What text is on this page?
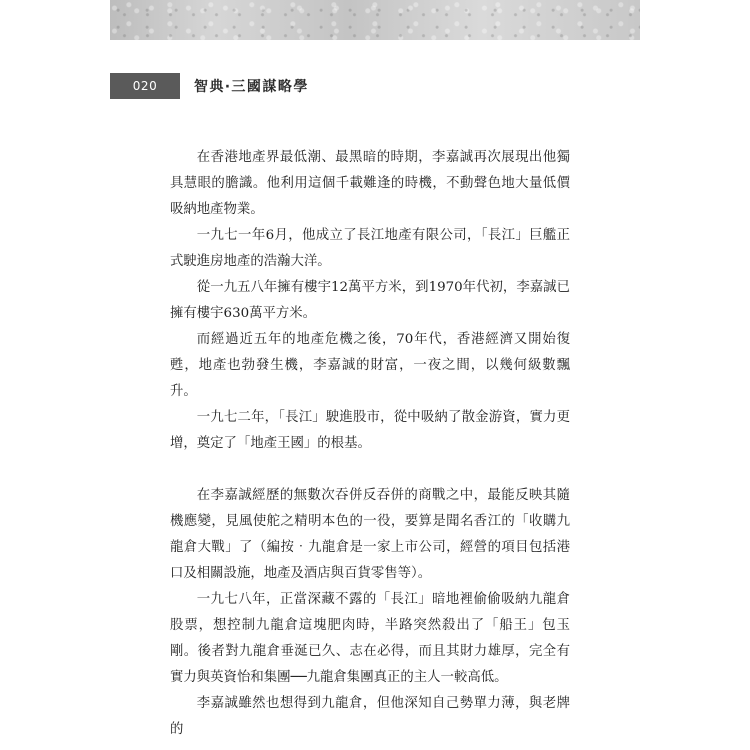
020	智典‧三國謀略學

在香港地產界最低潮、最黑暗的時期，李嘉誠再次展現出他獨具慧眼的膽識。他利用這個千載難逢的時機，不動聲色地大量低價吸納地產物業。

一九七一年6月，他成立了長江地產有限公司，「長江」巨艦正式駛進房地產的浩瀚大洋。

從一九五八年擁有樓宇12萬平方米，到1970年代初，李嘉誠已擁有樓宇630萬平方米。

而經過近五年的地產危機之後，70年代，香港經濟又開始復甦，地產也勃發生機，李嘉誠的財富，一夜之間，以幾何級數飄升。

一九七二年，「長江」駛進股市，從中吸納了散金游資，實力更增，奠定了「地產王國」的根基。

在李嘉誠經歷的無數次吞併反吞併的商戰之中，最能反映其隨機應變，見風使舵之精明本色的一役，要算是聞名香江的「收購九龍倉大戰」了（編按‧九龍倉是一家上市公司，經營的項目包括港口及相關設施，地產及酒店與百貨零售等）。

一九七八年，正當深藏不露的「長江」暗地裡偷偷吸納九龍倉股票，想控制九龍倉這塊肥肉時，半路突然殺出了「船王」包玉剛。後者對九龍倉垂涎已久、志在必得，而且其財力雄厚，完全有實力與英資怡和集團──九龍倉集團真正的主人一較高低。

李嘉誠雖然也想得到九龍倉，但他深知自己勢單力薄，與老牌的
